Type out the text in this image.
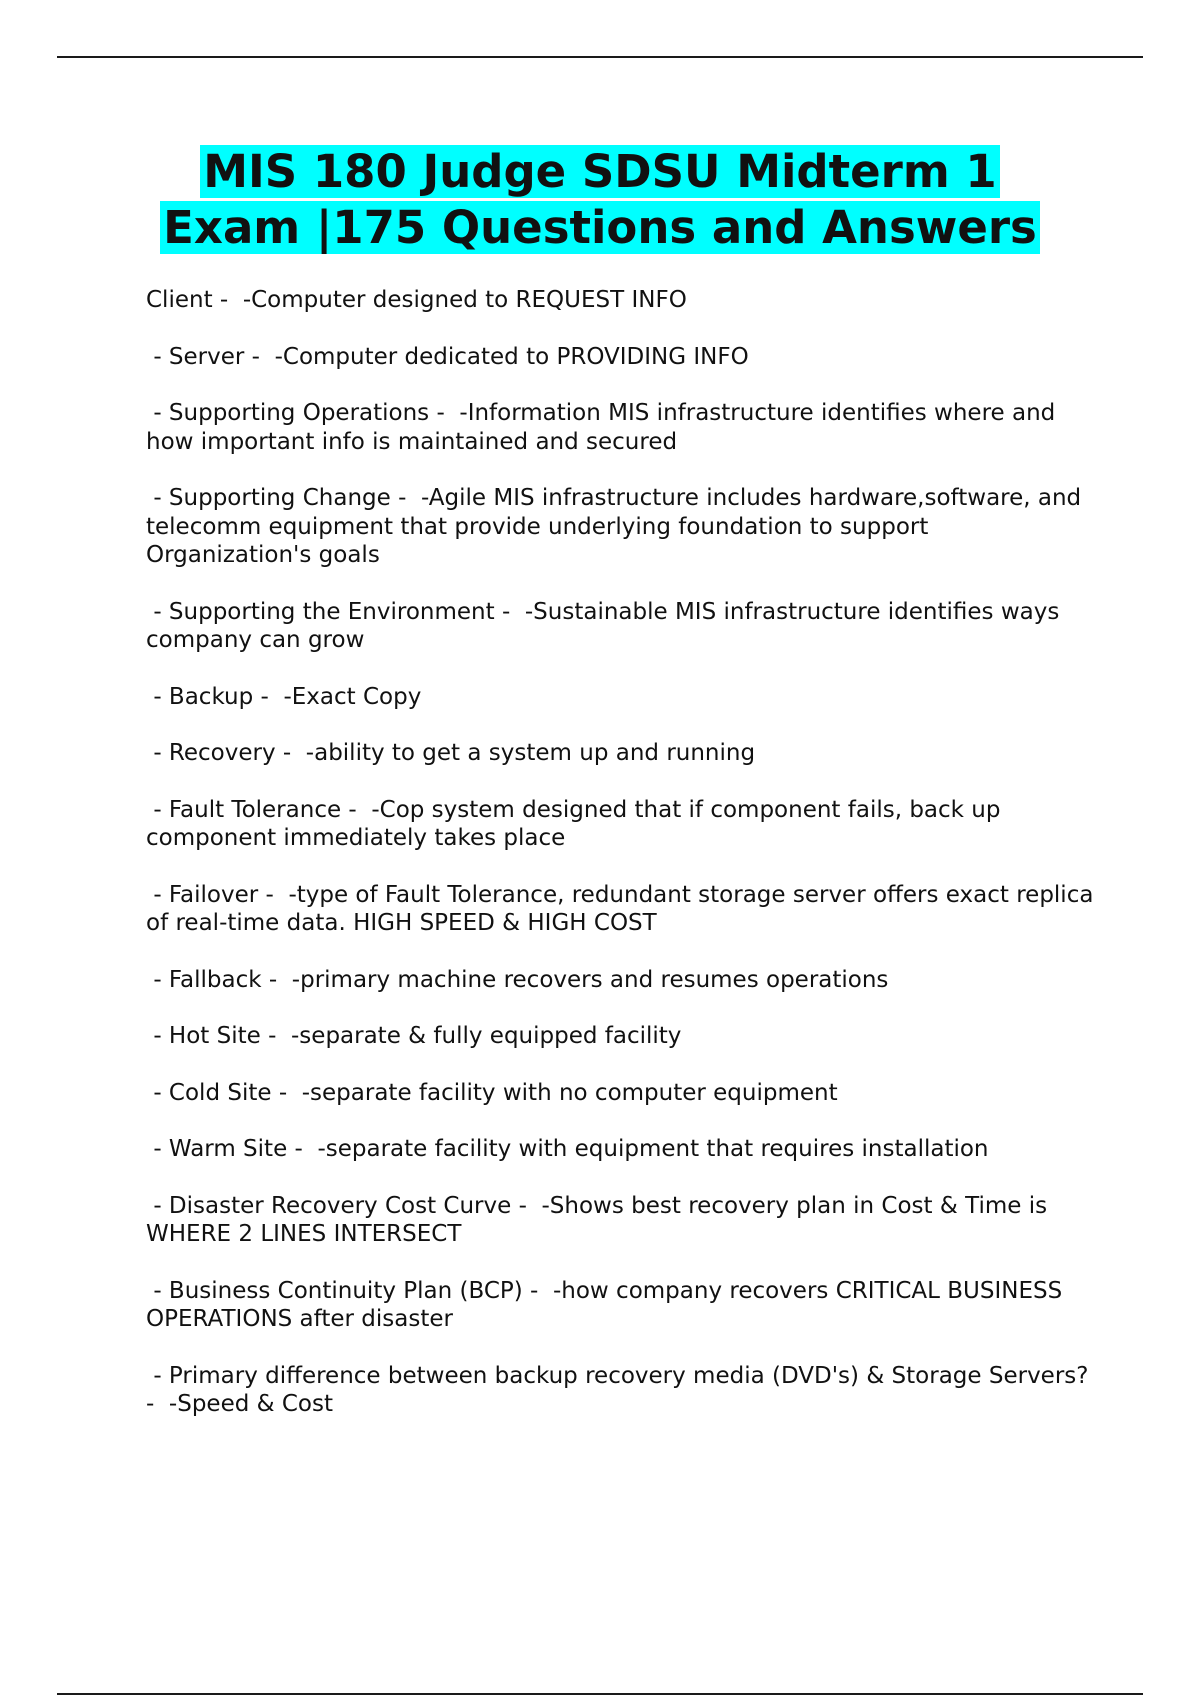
MIS 180 Judge SDSU Midterm 1
Exam |175 Questions and Answers
Client -  -Computer designed to REQUEST INFO
- Server -  -Computer dedicated to PROVIDING INFO
- Supporting Operations -  -Information MIS infrastructure identifies where and how important info is maintained and secured
- Supporting Change -  -Agile MIS infrastructure includes hardware,software, and telecomm equipment that provide underlying foundation to support Organization's goals
- Supporting the Environment -  -Sustainable MIS infrastructure identifies ways company can grow
- Backup -  -Exact Copy
- Recovery -  -ability to get a system up and running
- Fault Tolerance -  -Cop system designed that if component fails, back up component immediately takes place
- Failover -  -type of Fault Tolerance, redundant storage server offers exact replica of real-time data. HIGH SPEED & HIGH COST
- Fallback -  -primary machine recovers and resumes operations
- Hot Site -  -separate & fully equipped facility
- Cold Site -  -separate facility with no computer equipment
- Warm Site -  -separate facility with equipment that requires installation
- Disaster Recovery Cost Curve -  -Shows best recovery plan in Cost & Time is WHERE 2 LINES INTERSECT
- Business Continuity Plan (BCP) -  -how company recovers CRITICAL BUSINESS OPERATIONS after disaster
- Primary difference between backup recovery media (DVD's) & Storage Servers? -  -Speed & Cost
